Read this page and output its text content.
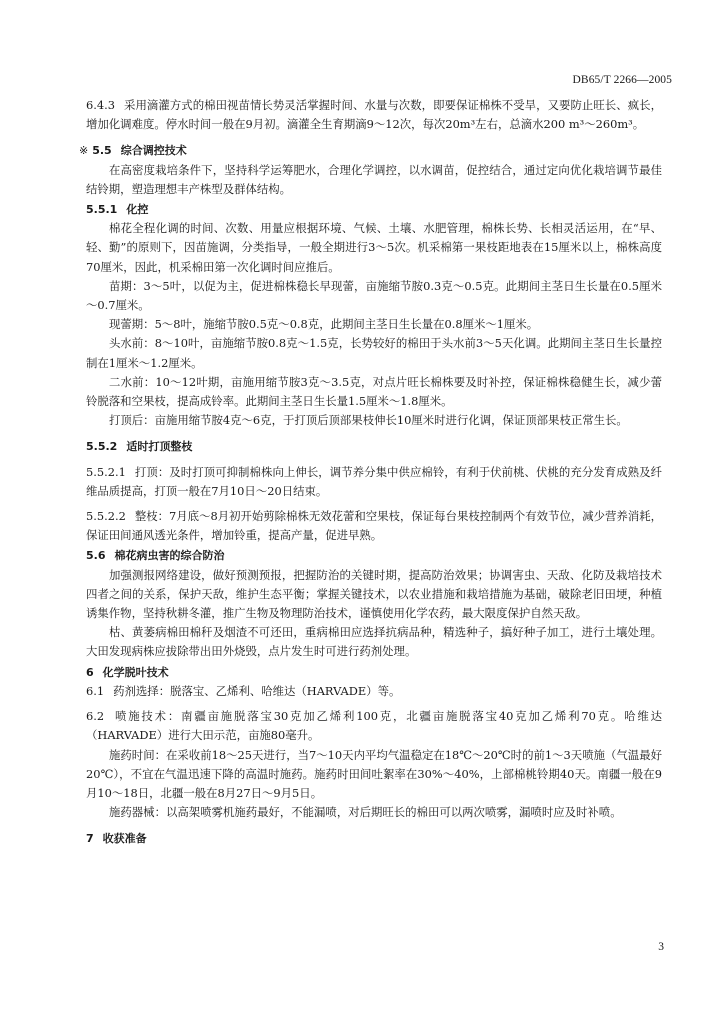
DB65/T 2266—2005

6.4.3 采用滴灌方式的棉田视苗情长势灵活掌握时间、水量与次数，即要保证棉株不受旱，又要防止旺长、疯长，增加化调难度。停水时间一般在9月初。滴灌全生育期滴9～12次，每次20m³左右，总滴水200 m³～260m³。

※ 5.5 综合调控技术

在高密度栽培条件下，坚持科学运筹肥水，合理化学调控，以水调苗，促控结合，通过定向优化栽培调节最佳结铃期，塑造理想丰产株型及群体结构。

5.5.1 化控

棉花全程化调的时间、次数、用量应根据环境、气候、土壤、水肥管理，棉株长势、长相灵活运用，在“早、轻、勤”的原则下，因苗施调，分类指导，一般全期进行3～5次。机采棉第一果枝距地表在15厘米以上，棉株高度70厘米，因此，机采棉田第一次化调时间应推后。

苗期：3～5叶，以促为主，促进棉株稳长早现蕾，亩施缩节胺0.3克～0.5克。此期间主茎日生长量在0.5厘米～0.7厘米。

现蕾期：5～8叶，施缩节胺0.5克～0.8克，此期间主茎日生长量在0.8厘米～1厘米。

头水前：8～10叶，亩施缩节胺0.8克～1.5克，长势较好的棉田于头水前3～5天化调。此期间主茎日生长量控制在1厘米～1.2厘米。

二水前：10～12叶期，亩施用缩节胺3克～3.5克，对点片旺长棉株要及时补控，保证棉株稳健生长，减少蕾铃脱落和空果枝，提高成铃率。此期间主茎日生长量1.5厘米～1.8厘米。

打顶后：亩施用缩节胺4克～6克，于打顶后顶部果枝伸长10厘米时进行化调，保证顶部果枝正常生长。

5.5.2 适时打顶整枝

5.5.2.1 打顶：及时打顶可抑制棉株向上伸长，调节养分集中供应棉铃，有利于伏前桃、伏桃的充分发育成熟及纤维品质提高，打顶一般在7月10日～20日结束。

5.5.2.2 整枝：7月底～8月初开始剪除棉株无效花蕾和空果枝，保证每台果枝控制两个有效节位，减少营养消耗，保证田间通风透光条件，增加铃重，提高产量，促进早熟。

5.6 棉花病虫害的综合防治

加强测报网络建设，做好预测预报，把握防治的关键时期，提高防治效果；协调害虫、天敌、化防及栽培技术四者之间的关系，保护天敌，维护生态平衡；掌握关键技术，以农业措施和栽培措施为基础，破除老旧田埂，种植诱集作物，坚持秋耕冬灌，推广生物及物理防治技术，谨慎使用化学农药，最大限度保护自然天敌。

枯、黄萎病棉田棉秆及烟渣不可还田，重病棉田应选择抗病品种，精选种子，搞好种子加工，进行土壤处理。大田发现病株应拔除带出田外烧毁，点片发生时可进行药剂处理。

6 化学脱叶技术

6.1 药剂选择：脱落宝、乙烯利、哈维达（HARVADE）等。

6.2 喷施技术：南疆亩施脱落宝30克加乙烯利100克，北疆亩施脱落宝40克加乙烯利70克。哈维达（HARVADE）进行大田示范，亩施80毫升。

施药时间：在采收前18～25天进行，当7～10天内平均气温稳定在18℃～20℃时的前1～3天喷施（气温最好20℃），不宜在气温迅速下降的高温时施药。施药时田间吐絮率在30%～40%，上部棉桃铃期40天。南疆一般在9月10～18日，北疆一般在8月27日～9月5日。

施药器械：以高架喷雾机施药最好，不能漏喷，对后期旺长的棉田可以两次喷雾，漏喷时应及时补喷。

7 收获准备

3
